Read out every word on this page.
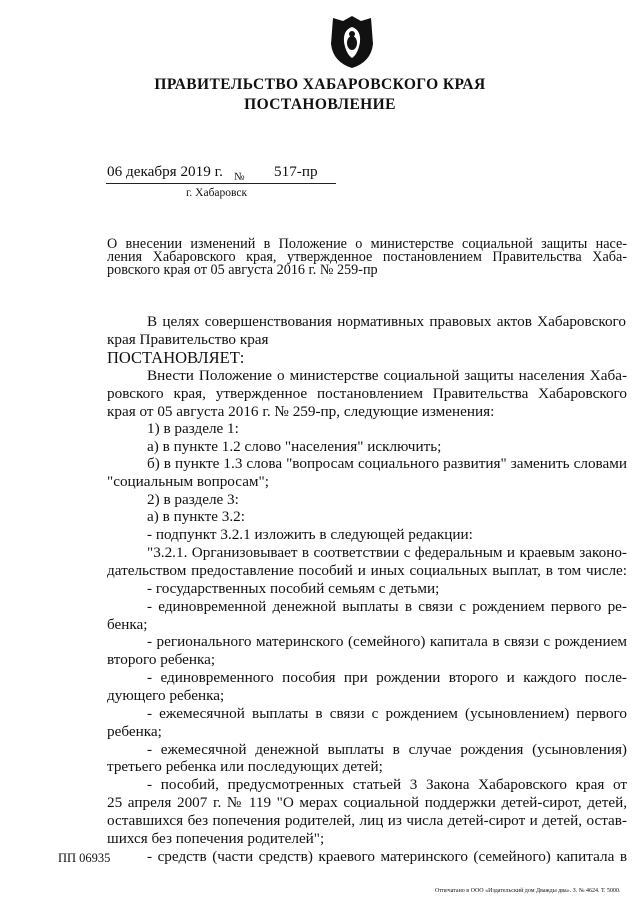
ПРАВИТЕЛЬСТВО ХАБАРОВСКОГО КРАЯ
ПОСТАНОВЛЕНИЕ
06 декабря 2019 г. № 517-пр
г. Хабаровск
О внесении изменений в Положение о министерстве социальной защиты насе-
ления Хабаровского края, утвержденное постановлением Правительства Хаба-
ровского края от 05 августа 2016 г. № 259-пр
В целях совершенствования нормативных правовых актов Хабаровского
края Правительство края
ПОСТАНОВЛЯЕТ:
Внести Положение о министерстве социальной защиты населения Хаба-
ровского края, утвержденное постановлением Правительства Хабаровского
края от 05 августа 2016 г. № 259-пр, следующие изменения:
1) в разделе 1:
а) в пункте 1.2 слово "населения" исключить;
б) в пункте 1.3 слова "вопросам социального развития" заменить словами
"социальным вопросам";
2) в разделе 3:
а) в пункте 3.2:
- подпункт 3.2.1 изложить в следующей редакции:
"3.2.1. Организовывает в соответствии с федеральным и краевым законо-
дательством предоставление пособий и иных социальных выплат, в том числе:
- государственных пособий семьям с детьми;
- единовременной денежной выплаты в связи с рождением первого ре-
бенка;
- регионального материнского (семейного) капитала в связи с рождением
второго ребенка;
- единовременного пособия при рождении второго и каждого после-
дующего ребенка;
- ежемесячной выплаты в связи с рождением (усыновлением) первого
ребенка;
- ежемесячной денежной выплаты в случае рождения (усыновления)
третьего ребенка или последующих детей;
- пособий, предусмотренных статьей 3 Закона Хабаровского края от
25 апреля 2007 г. № 119 "О мерах социальной поддержки детей-сирот, детей,
оставшихся без попечения родителей, лиц из числа детей-сирот и детей, остав-
шихся без попечения родителей";
- средств (части средств) краевого материнского (семейного) капитала в
ПП 06935
Отпечатано в ООО «Издательский дом Дважды два». З. № 4624. Т. 5000.
